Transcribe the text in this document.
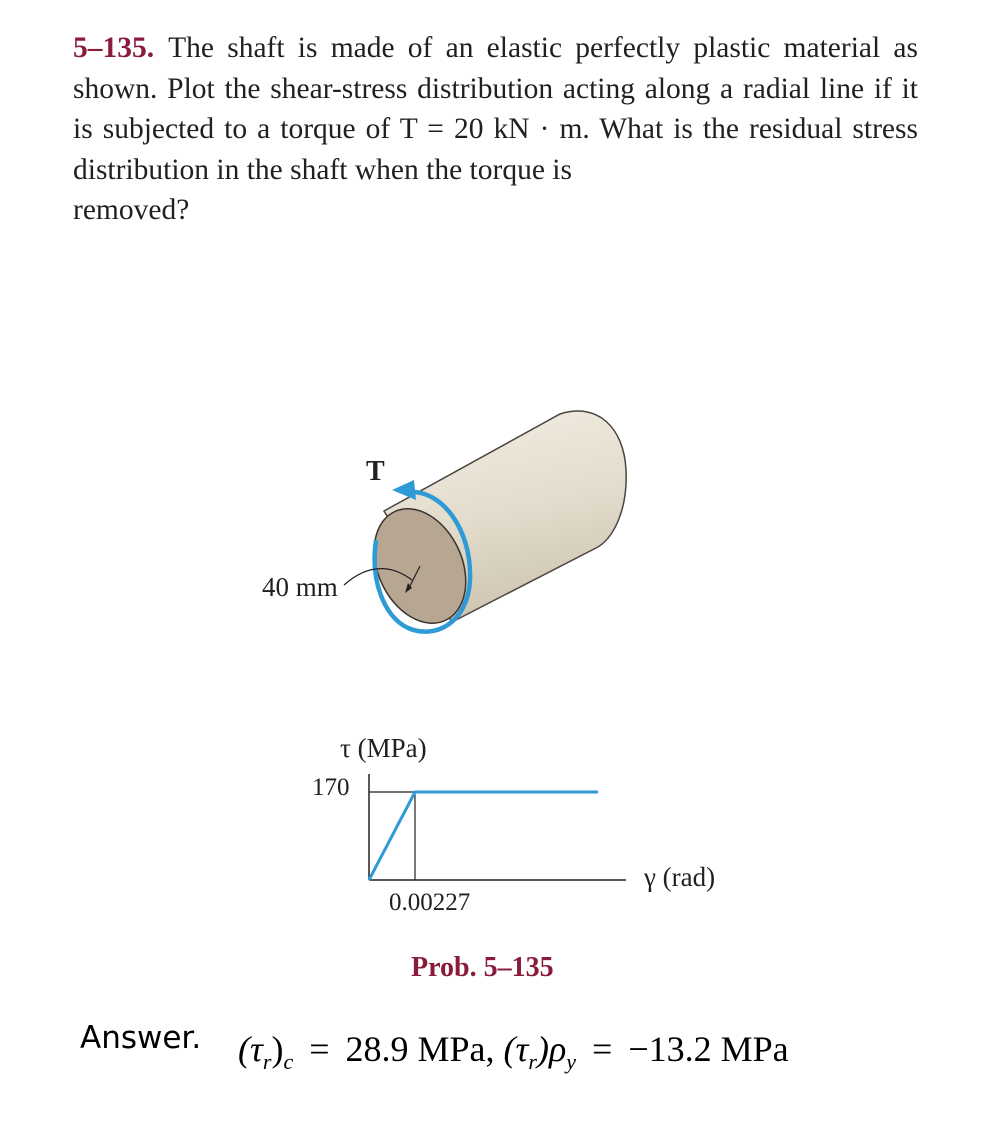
5–135. The shaft is made of an elastic perfectly plastic material as shown. Plot the shear-stress distribution acting along a radial line if it is subjected to a torque of T = 20 kN · m. What is the residual stress distribution in the shaft when the torque is
removed?
T
40 mm
τ (MPa)
170
0.00227
γ (rad)
Prob. 5–135
Answer. $(\tau_r)_c = 28.9$ MPa, $(\tau_r)\rho_y = -13.2$ MPa
